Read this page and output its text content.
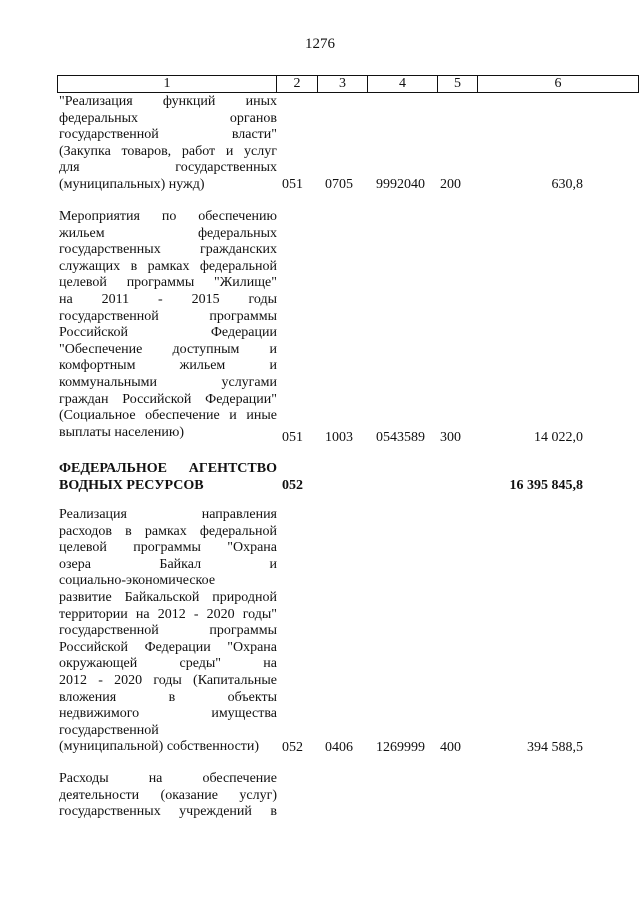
1276
1	2	3	4	5	6
"Реализация функций иных
федеральных органов
государственной власти"
(Закупка товаров, работ и услуг
для государственных
(муниципальных) нужд)	051 0705 9992040 200	630,8
Мероприятия по обеспечению
жильем федеральных
государственных гражданских
служащих в рамках федеральной
целевой программы "Жилище"
на 2011 - 2015 годы
государственной программы
Российской Федерации
"Обеспечение доступным и
комфортным жильем и
коммунальными услугами
граждан Российской Федерации"
(Социальное обеспечение и иные
выплаты населению)	051 1003 0543589 300	14 022,0
ФЕДЕРАЛЬНОЕ АГЕНТСТВО
ВОДНЫХ РЕСУРСОВ	052	16 395 845,8
Реализация направления
расходов в рамках федеральной
целевой программы "Охрана
озера Байкал и
социально-экономическое
развитие Байкальской природной
территории на 2012 - 2020 годы"
государственной программы
Российской Федерации "Охрана
окружающей среды" на
2012 - 2020 годы (Капитальные
вложения в объекты
недвижимого имущества
государственной
(муниципальной) собственности)	052 0406 1269999 400	394 588,5
Расходы на обеспечение
деятельности (оказание услуг)
государственных учреждений в
